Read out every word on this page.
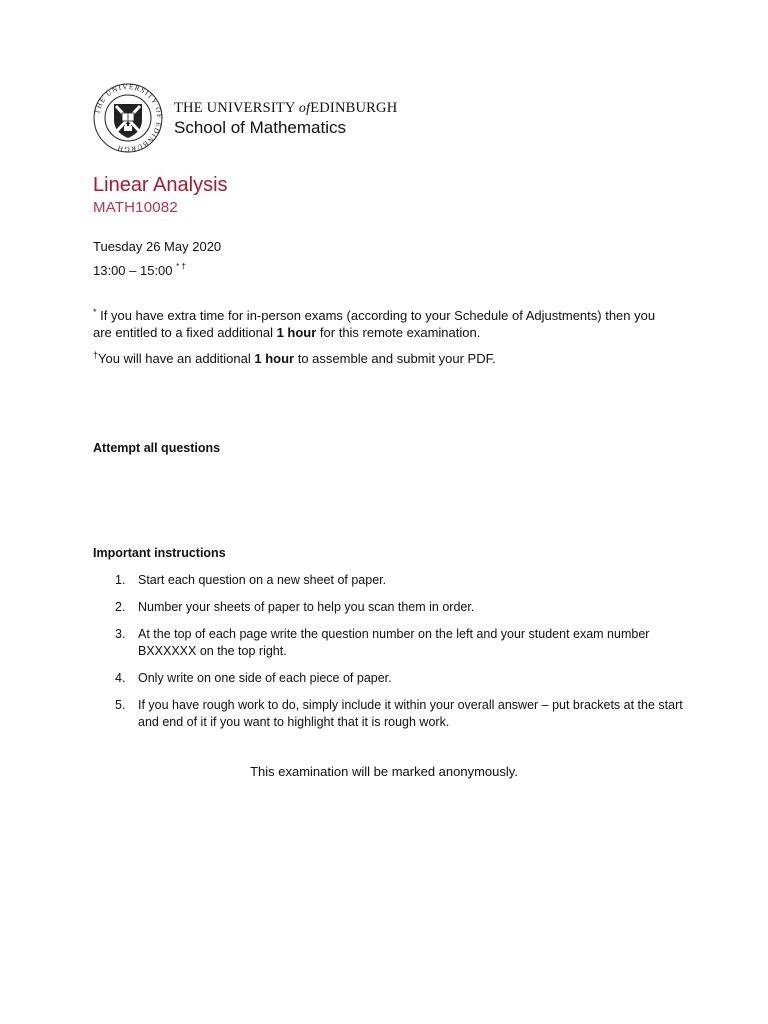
THE UNIVERSITY OF EDINBURGH
THE UNIVERSITY ofEDINBURGH
School of Mathematics
Linear Analysis
MATH10082
Tuesday 26 May 2020
13:00 – 15:00 * †
* If you have extra time for in-person exams (according to your Schedule of Adjustments) then you are entitled to a fixed additional 1 hour for this remote examination.
†You will have an additional 1 hour to assemble and submit your PDF.
Attempt all questions
Important instructions
1. Start each question on a new sheet of paper.
2. Number your sheets of paper to help you scan them in order.
3. At the top of each page write the question number on the left and your student exam number BXXXXXX on the top right.
4. Only write on one side of each piece of paper.
5. If you have rough work to do, simply include it within your overall answer – put brackets at the start and end of it if you want to highlight that it is rough work.
This examination will be marked anonymously.
